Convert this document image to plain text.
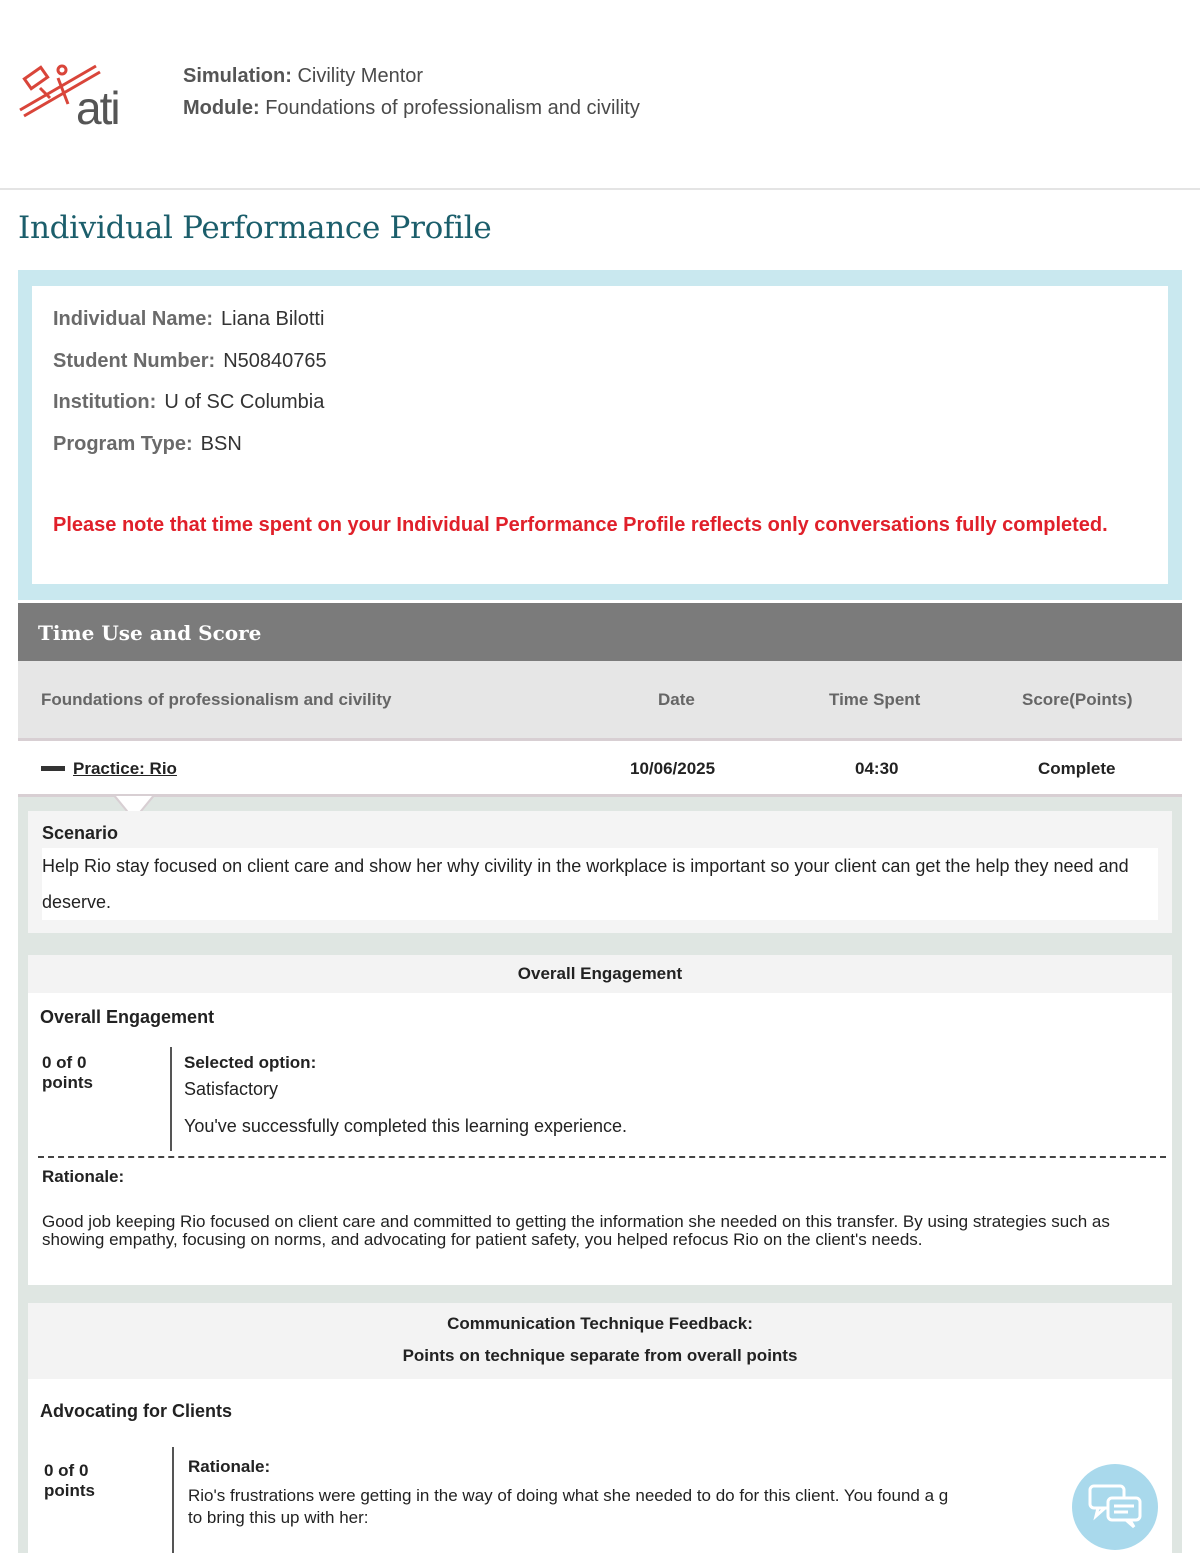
ati
Simulation: Civility Mentor
Module: Foundations of professionalism and civility
Individual Performance Profile
Individual Name: Liana Bilotti
Student Number: N50840765
Institution: U of SC Columbia
Program Type: BSN
Please note that time spent on your Individual Performance Profile reflects only conversations fully completed.
Time Use and Score
Foundations of professionalism and civility	Date	Time Spent	Score(Points)
Practice: Rio	10/06/2025	04:30	Complete
Scenario

Help Rio stay focused on client care and show her why civility in the workplace is important so your client can get the help they need and deserve.

Overall Engagement
Overall Engagement
0 of 0
points
Selected option:
Satisfactory
You've successfully completed this learning experience.
Rationale:
Good job keeping Rio focused on client care and committed to getting the information she needed on this transfer. By using strategies such as showing empathy, focusing on norms, and advocating for patient safety, you helped refocus Rio on the client's needs.
Communication Technique Feedback:
Points on technique separate from overall points
Advocating for Clients
0 of 0
points
Rationale:
Rio's frustrations were getting in the way of doing what she needed to do for this client. You found a g
to bring this up with her:
